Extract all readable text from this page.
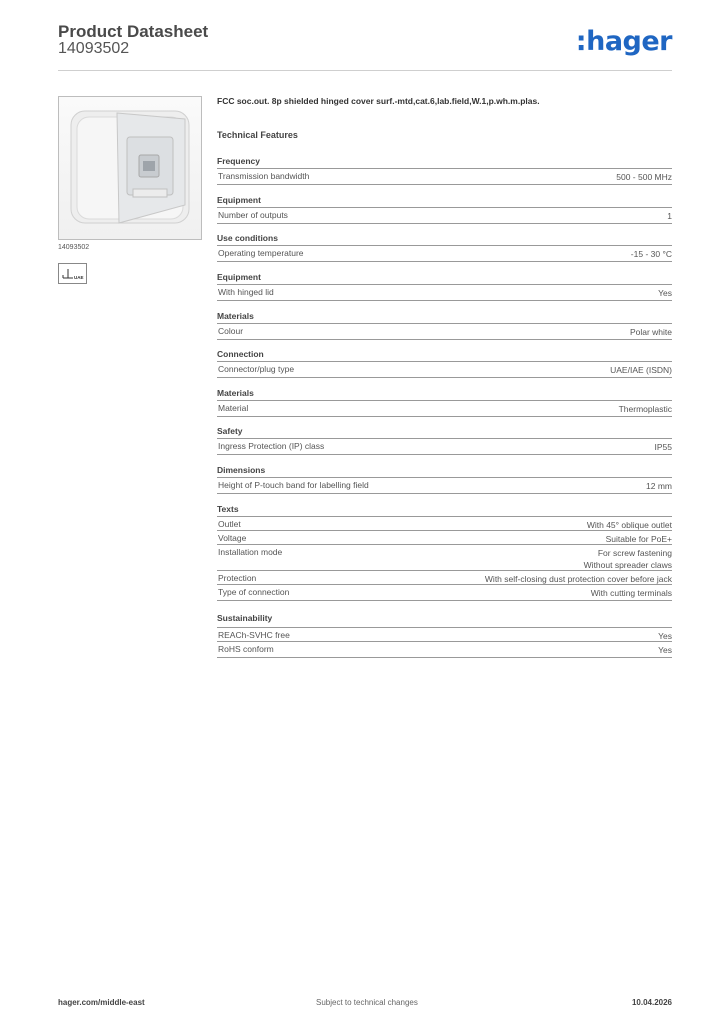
Product Datasheet
14093502	:hager
14093502
UAE
FCC soc.out. 8p shielded hinged cover surf.-mtd,cat.6,lab.field,W.1,p.wh.m.plas.
Technical Features
Frequency
Transmission bandwidth	500 - 500 MHz
Equipment
Number of outputs	1
Use conditions
Operating temperature	-15 - 30 °C
Equipment
With hinged lid	Yes
Materials
Colour	Polar white
Connection
Connector/plug type	UAE/IAE (ISDN)
Materials
Material	Thermoplastic
Safety
Ingress Protection (IP) class	IP55
Dimensions
Height of P-touch band for labelling field	12 mm
Texts
Outlet	With 45° oblique outlet
Voltage	Suitable for PoE+
Installation mode	For screw fastening
Without spreader claws
Protection	With self-closing dust protection cover before jack
Type of connection	With cutting terminals
Sustainability
REACh-SVHC free	Yes
RoHS conform	Yes
hager.com/middle-east	Subject to technical changes	10.04.2026
